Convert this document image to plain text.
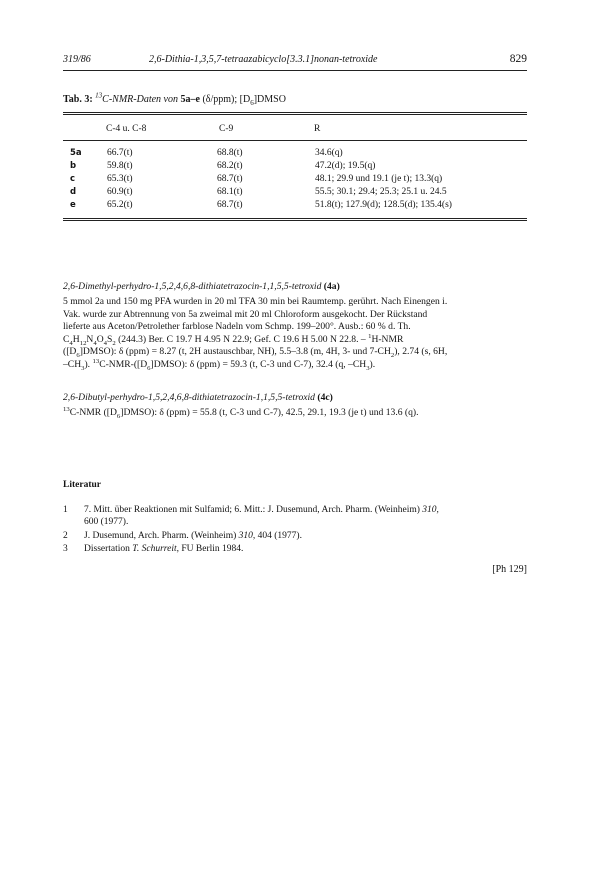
319/86	2,6-Dithia-1,3,5,7-tetraazabicyclo[3.3.1]nonan-tetroxide	829
Tab. 3: $^{13}$C-NMR-Daten von 5a–e (δ/ppm); $[D_6]DMSO$
C-4 u. C-8	C-9	R
5a	66.7(t)	68.8(t)	34.6(q)
b	59.8(t)	68.2(t)	47.2(d); 19.5(q)
c	65.3(t)	68.7(t)	48.1; 29.9 und 19.1 (je t); 13.3(q)
d	60.9(t)	68.1(t)	55.5; 30.1; 29.4; 25.3; 25.1 u. 24.5
e	65.2(t)	68.7(t)	51.8(t); 127.9(d); 128.5(d); 135.4(s)
2,6-Dimethyl-perhydro-1,5,2,4,6,8-dithiatetrazocin-1,1,5,5-tetroxid (4a)
5 mmol 2a und 150 mg PFA wurden in 20 ml TFA 30 min bei Raumtemp. gerührt. Nach Einengen i.
Vak. wurde zur Abtrennung von 5a zweimal mit 20 ml Chloroform ausgekocht. Der Rückstand
lieferte aus Aceton/Petrolether farblose Nadeln vom Schmp. 199–200°. Ausb.: 60 % d. Th.
$C_4H_{12}N_4O_4S_2$ (244.3) Ber. C 19.7 H 4.95 N 22.9; Gef. C 19.6 H 5.00 N 22.8. – $^1$H-NMR
$([D_6]DMSO)$: δ (ppm) = 8.27 (t, 2H austauschbar, NH), 5.5–3.8 (m, 4H, 3- und $7-CH_2$), 2.74 (s, 6H,
$-CH_3$). $^{13}C-NMR-([D_6]DMSO)$: δ (ppm) = 59.3 (t, C-3 und C-7), 32.4 (q, $-CH_3$).
2,6-Dibutyl-perhydro-1,5,2,4,6,8-dithiatetrazocin-1,1,5,5-tetroxid (4c)
$^{13}$C-NMR $([D_6]DMSO)$: δ (ppm) = 55.8 (t, C-3 und C-7), 42.5, 29.1, 19.3 (je t) und 13.6 (q).
Literatur
1 7. Mitt. über Reaktionen mit Sulfamid; 6. Mitt.: J. Dusemund, Arch. Pharm. (Weinheim) 310,
600 (1977).
2 J. Dusemund, Arch. Pharm. (Weinheim) 310, 404 (1977).
3 Dissertation T. Schurreit, FU Berlin 1984.
[Ph 129]
